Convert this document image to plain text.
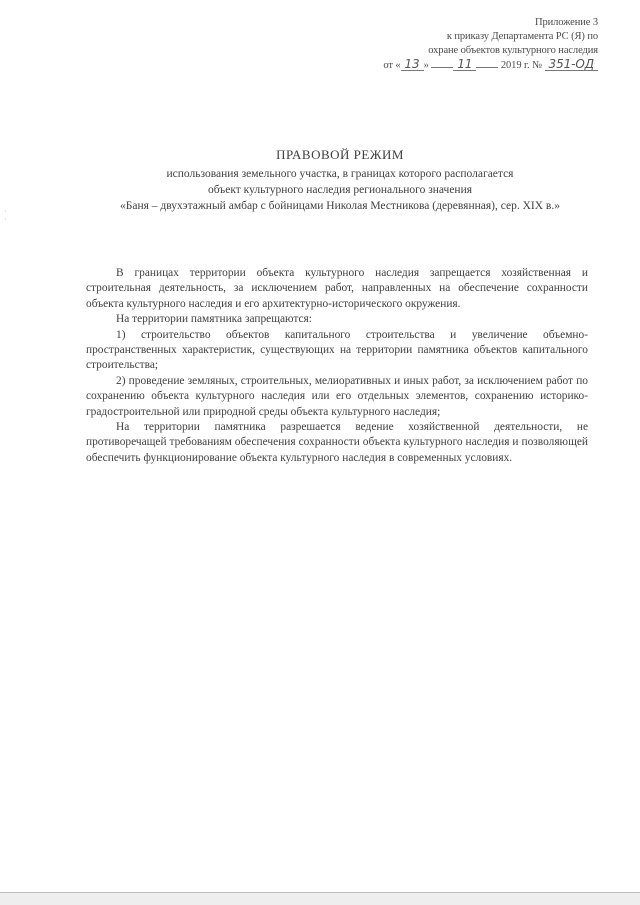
·
·
Приложение 3
к приказу Департамента РС (Я) по
охране объектов культурного наследия
от « 13 » 11	2019 г. № 351-ОД

ПРАВОВОЙ РЕЖИМ

использования земельного участка, в границах которого располагается
объект культурного наследия регионального значения
«Баня – двухэтажный амбар с бойницами Николая Местникова (деревянная), сер. XIX в.»

В границах территории объекта культурного наследия запрещается хозяйственная и строительная деятельность, за исключением работ, направленных на обеспечение сохранности объекта культурного наследия и его архитектурно-исторического окружения.

На территории памятника запрещаются:

1) строительство объектов капитального строительства и увеличение объемно-пространственных характеристик, существующих на территории памятника объектов капитального строительства;

2) проведение земляных, строительных, мелиоративных и иных работ, за исключением работ по сохранению объекта культурного наследия или его отдельных элементов, сохранению историко-градостроительной или природной среды объекта культурного наследия;

На территории памятника разрешается ведение хозяйственной деятельности, не противоречащей требованиям обеспечения сохранности объекта культурного наследия и позволяющей обеспечить функционирование объекта культурного наследия в современных условиях.
